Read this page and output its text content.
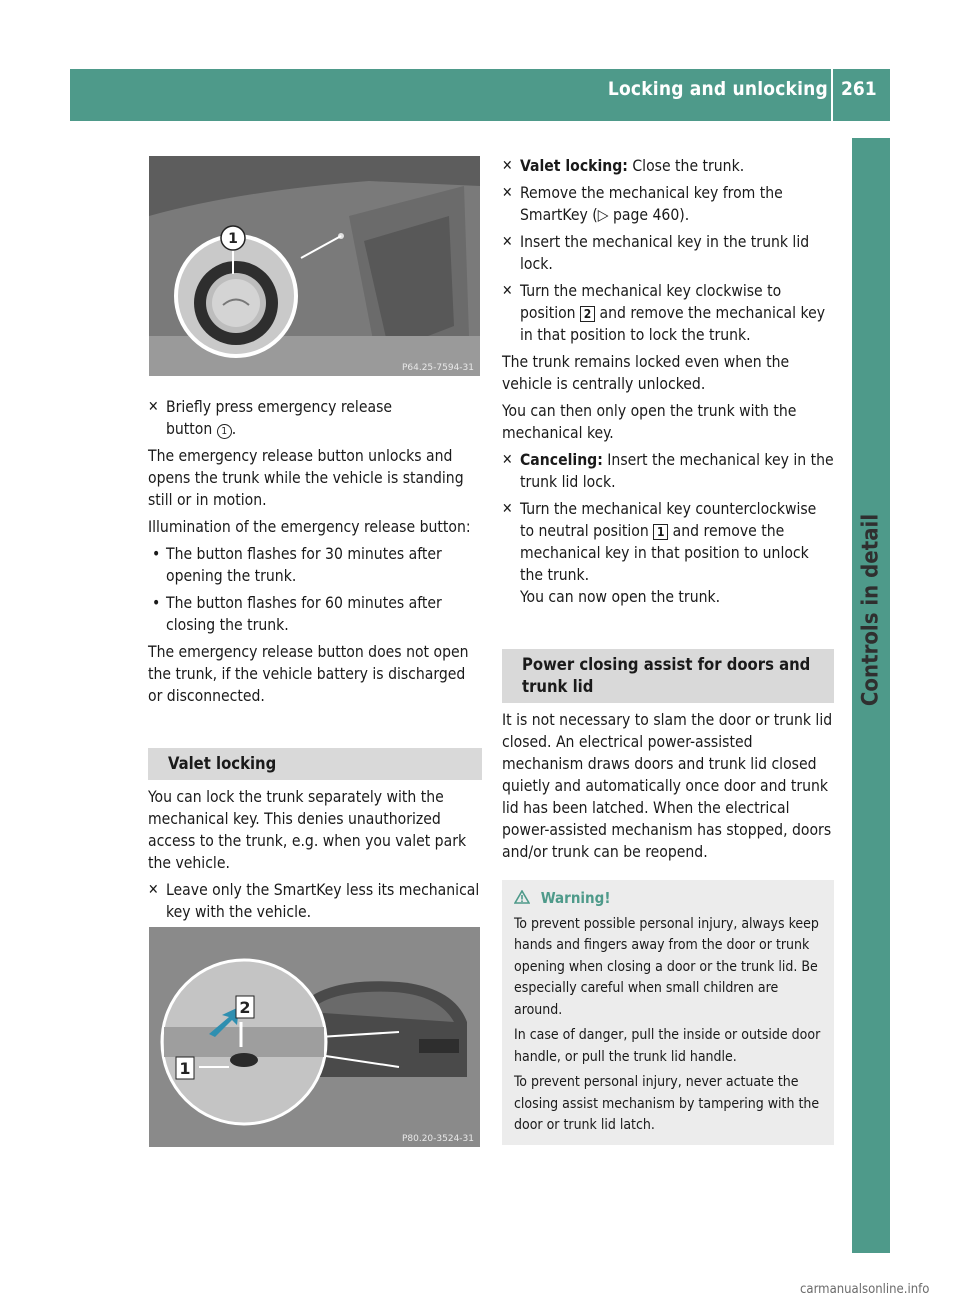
Locking and unlocking 261
Controls in detail
1
P64.25-7594-31
✕ Briefly press emergency release
button 1 .

The emergency release button unlocks and opens the trunk while the vehicle is standing still or in motion.

Illumination of the emergency release button:

• The button flashes for 30 minutes after opening the trunk.
• The button flashes for 60 minutes after closing the trunk.

The emergency release button does not open the trunk, if the vehicle battery is discharged or disconnected.

Valet locking

You can lock the trunk separately with the mechanical key. This denies unauthorized access to the trunk, e.g. when you valet park the vehicle.

✕ Leave only the SmartKey less its mechanical key with the vehicle.
2
1
P80.20-3524-31
✕ Valet locking: Close the trunk.
✕ Remove the mechanical key from the SmartKey (▷ page 460).
✕ Insert the mechanical key in the trunk lid lock.
✕ Turn the mechanical key clockwise to position 2 and remove the mechanical key in that position to lock the trunk.

The trunk remains locked even when the vehicle is centrally unlocked.

You can then only open the trunk with the mechanical key.

✕ Canceling: Insert the mechanical key in the trunk lid lock.
✕ Turn the mechanical key counterclockwise to neutral position 1 and remove the mechanical key in that position to unlock the trunk.
You can now open the trunk.
Power closing assist for doors and trunk lid

It is not necessary to slam the door or trunk lid closed. An electrical power-assisted mechanism draws doors and trunk lid closed quietly and automatically once door and trunk lid has been latched. When the electrical power-assisted mechanism has stopped, doors and/or trunk can be reopend.

Warning!

To prevent possible personal injury, always keep hands and fingers away from the door or trunk opening when closing a door or the trunk lid. Be especially careful when small children are around.

In case of danger, pull the inside or outside door handle, or pull the trunk lid handle.

To prevent personal injury, never actuate the closing assist mechanism by tampering with the door or trunk lid latch.

carmanualsonline.info
